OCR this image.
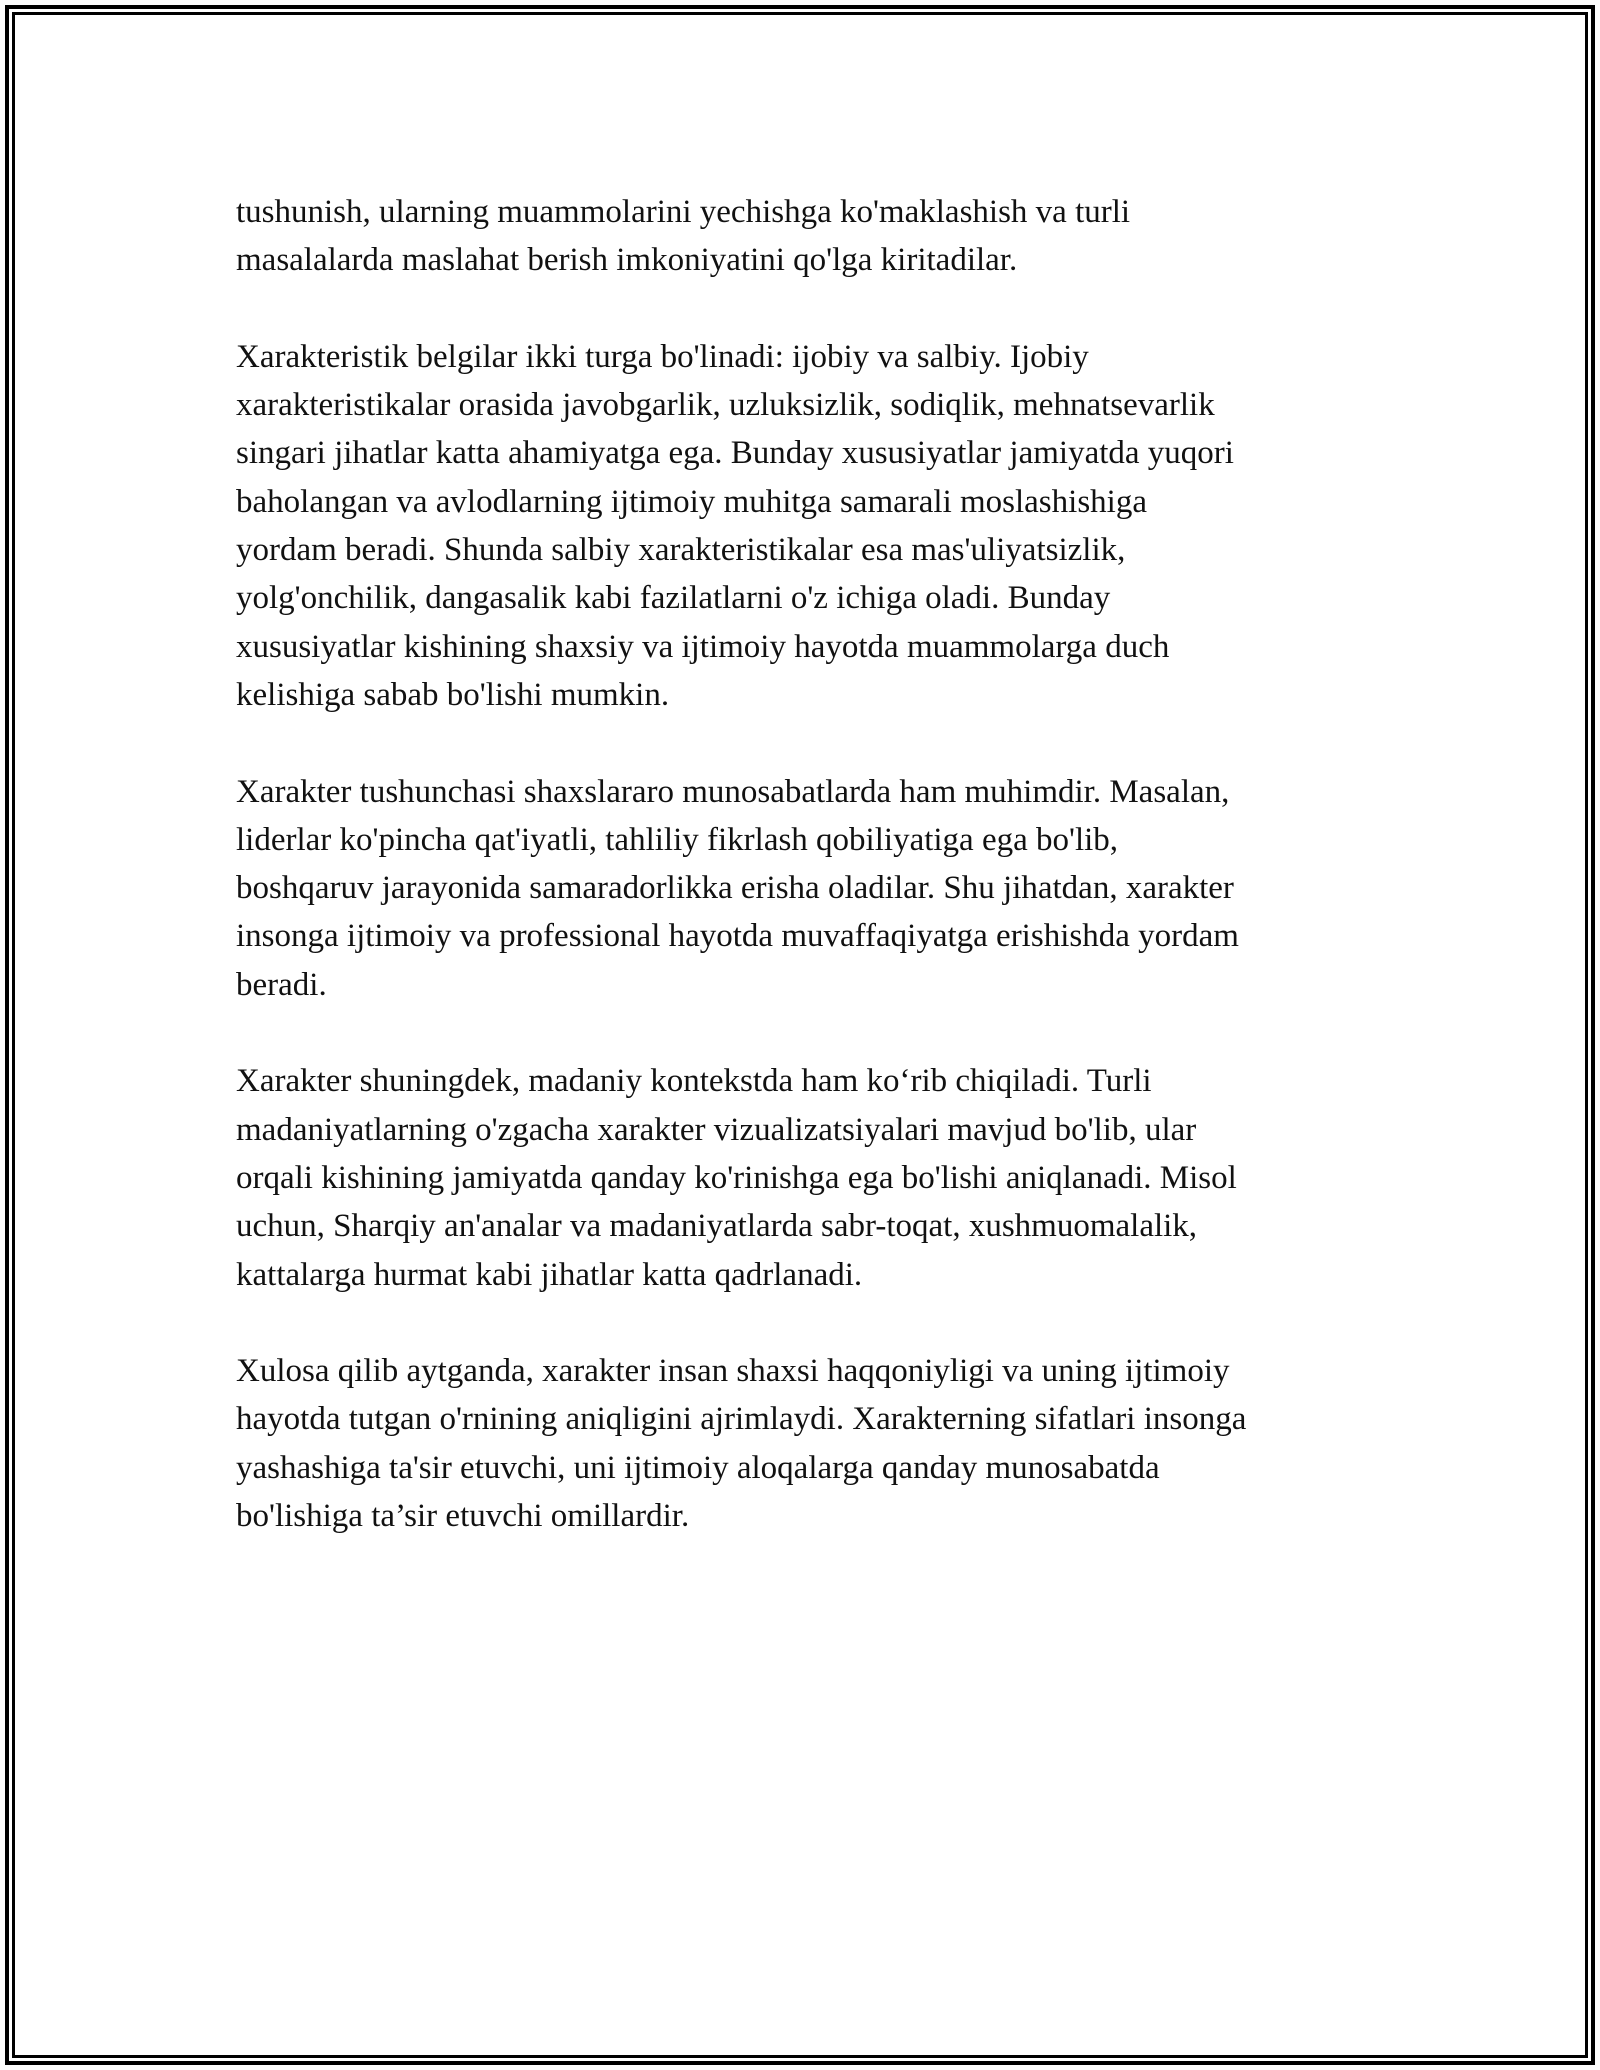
tushunish, ularning muammolarini yechishga ko'maklashish va turli
masalalarda maslahat berish imkoniyatini qo'lga kiritadilar.

Xarakteristik belgilar ikki turga bo'linadi: ijobiy va salbiy. Ijobiy
xarakteristikalar orasida javobgarlik, uzluksizlik, sodiqlik, mehnatsevarlik
singari jihatlar katta ahamiyatga ega. Bunday xususiyatlar jamiyatda yuqori
baholangan va avlodlarning ijtimoiy muhitga samarali moslashishiga
yordam beradi. Shunda salbiy xarakteristikalar esa mas'uliyatsizlik,
yolg'onchilik, dangasalik kabi fazilatlarni o'z ichiga oladi. Bunday
xususiyatlar kishining shaxsiy va ijtimoiy hayotda muammolarga duch
kelishiga sabab bo'lishi mumkin.

Xarakter tushunchasi shaxslararo munosabatlarda ham muhimdir. Masalan,
liderlar ko'pincha qat'iyatli, tahliliy fikrlash qobiliyatiga ega bo'lib,
boshqaruv jarayonida samaradorlikka erisha oladilar. Shu jihatdan, xarakter
insonga ijtimoiy va professional hayotda muvaffaqiyatga erishishda yordam
beradi.

Xarakter shuningdek, madaniy kontekstda ham koʻrib chiqiladi. Turli
madaniyatlarning o'zgacha xarakter vizualizatsiyalari mavjud bo'lib, ular
orqali kishining jamiyatda qanday ko'rinishga ega bo'lishi aniqlanadi. Misol
uchun, Sharqiy an'analar va madaniyatlarda sabr-toqat, xushmuomalalik,
kattalarga hurmat kabi jihatlar katta qadrlanadi.

Xulosa qilib aytganda, xarakter insan shaxsi haqqoniyligi va uning ijtimoiy
hayotda tutgan o'rnining aniqligini ajrimlaydi. Xarakterning sifatlari insonga
yashashiga ta'sir etuvchi, uni ijtimoiy aloqalarga qanday munosabatda
bo'lishiga ta’sir etuvchi omillardir.
